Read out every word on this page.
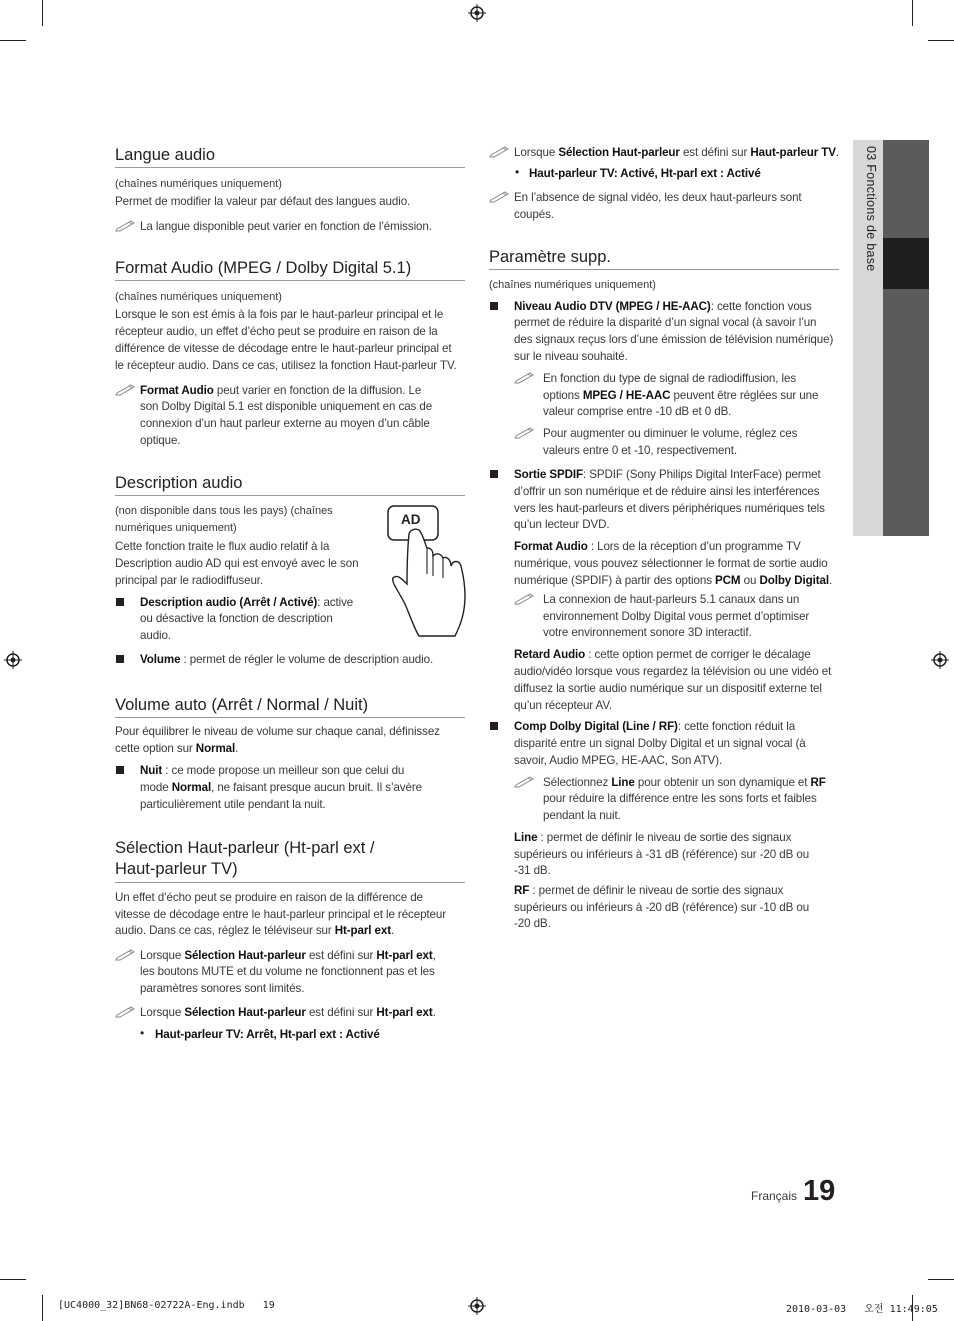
03 Fonctions de base
Langue audio
(chaînes numériques uniquement)
Permet de modifier la valeur par défaut des langues audio.
La langue disponible peut varier en fonction de l’émission.
Format Audio (MPEG / Dolby Digital 5.1)
(chaînes numériques uniquement)
Lorsque le son est émis à la fois par le haut-parleur principal et le
récepteur audio, un effet d’écho peut se produire en raison de la
différence de vitesse de décodage entre le haut-parleur principal et
le récepteur audio. Dans ce cas, utilisez la fonction Haut-parleur TV.
Format Audio peut varier en fonction de la diffusion. Le
son Dolby Digital 5.1 est disponible uniquement en cas de
connexion d’un haut parleur externe au moyen d’un câble
optique.
Description audio
(non disponible dans tous les pays) (chaînes
numériques uniquement)
Cette fonction traite le flux audio relatif à la
Description audio AD qui est envoyé avec le son
principal par le radiodiffuseur.
Description audio (Arrêt / Activé): active
ou désactive la fonction de description
audio.
Volume : permet de régler le volume de description audio.
AD
Volume auto (Arrêt / Normal / Nuit)
Pour équilibrer le niveau de volume sur chaque canal, définissez
cette option sur Normal.
Nuit : ce mode propose un meilleur son que celui du
mode Normal, ne faisant presque aucun bruit. Il s’avère
particulièrement utile pendant la nuit.
Sélection Haut-parleur (Ht-parl ext /
Haut-parleur TV)
Un effet d’écho peut se produire en raison de la différence de
vitesse de décodage entre le haut-parleur principal et le récepteur
audio. Dans ce cas, réglez le téléviseur sur Ht-parl ext.
Lorsque Sélection Haut-parleur est défini sur Ht-parl ext,
les boutons MUTE et du volume ne fonctionnent pas et les
paramètres sonores sont limités.
Lorsque Sélection Haut-parleur est défini sur Ht-parl ext.
• Haut-parleur TV: Arrêt, Ht-parl ext : Activé
Lorsque Sélection Haut-parleur est défini sur Haut-parleur TV.
• Haut-parleur TV: Activé, Ht-parl ext : Activé
En l’absence de signal vidéo, les deux haut-parleurs sont
coupés.
Paramètre supp.
(chaînes numériques uniquement)
Niveau Audio DTV (MPEG / HE-AAC): cette fonction vous
permet de réduire la disparité d’un signal vocal (à savoir l’un
des signaux reçus lors d’une émission de télévision numérique)
sur le niveau souhaité.
En fonction du type de signal de radiodiffusion, les
options MPEG / HE-AAC peuvent être réglées sur une
valeur comprise entre -10 dB et 0 dB.
Pour augmenter ou diminuer le volume, réglez ces
valeurs entre 0 et -10, respectivement.
Sortie SPDIF: SPDIF (Sony Philips Digital InterFace) permet
d’offrir un son numérique et de réduire ainsi les interférences
vers les haut-parleurs et divers périphériques numériques tels
qu’un lecteur DVD.
Format Audio : Lors de la réception d’un programme TV
numérique, vous pouvez sélectionner le format de sortie audio
numérique (SPDIF) à partir des options PCM ou Dolby Digital.
La connexion de haut-parleurs 5.1 canaux dans un
environnement Dolby Digital vous permet d’optimiser
votre environnement sonore 3D interactif.
Retard Audio : cette option permet de corriger le décalage
audio/vidéo lorsque vous regardez la télévision ou une vidéo et
diffusez la sortie audio numérique sur un dispositif externe tel
qu’un récepteur AV.
Comp Dolby Digital (Line / RF): cette fonction réduit la
disparité entre un signal Dolby Digital et un signal vocal (à
savoir, Audio MPEG, HE-AAC, Son ATV).
Sélectionnez Line pour obtenir un son dynamique et RF
pour réduire la différence entre les sons forts et faibles
pendant la nuit.
Line : permet de définir le niveau de sortie des signaux
supérieurs ou inférieurs à -31 dB (référence) sur -20 dB ou
-31 dB.
RF : permet de définir le niveau de sortie des signaux
supérieurs ou inférieurs à -20 dB (référence) sur -10 dB ou
-20 dB.
Français 19
[UC4000_32]BN68-02722A-Eng.indb   19	2010-03-03   오전 11:49:05
